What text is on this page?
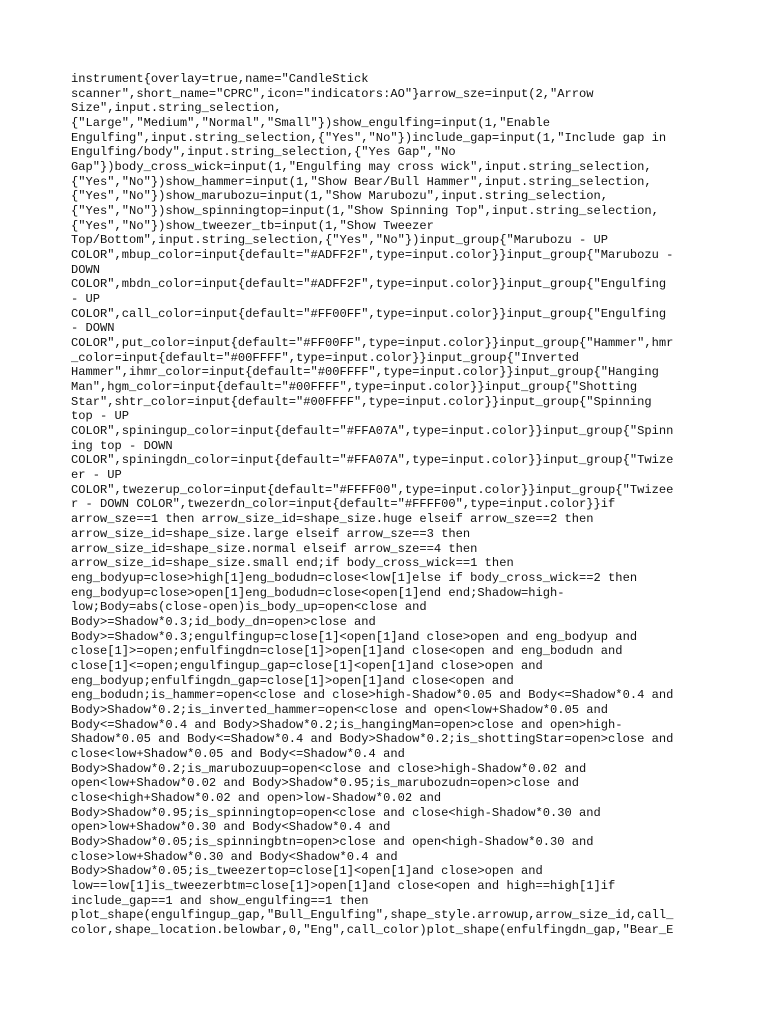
instrument{overlay=true,name="CandleStick
scanner",short_name="CPRC",icon="indicators:AO"}arrow_sze=input(2,"Arrow
Size",input.string_selection,
{"Large","Medium","Normal","Small"})show_engulfing=input(1,"Enable
Engulfing",input.string_selection,{"Yes","No"})include_gap=input(1,"Include gap in
Engulfing/body",input.string_selection,{"Yes Gap","No
Gap"})body_cross_wick=input(1,"Engulfing may cross wick",input.string_selection,
{"Yes","No"})show_hammer=input(1,"Show Bear/Bull Hammer",input.string_selection,
{"Yes","No"})show_marubozu=input(1,"Show Marubozu",input.string_selection,
{"Yes","No"})show_spinningtop=input(1,"Show Spinning Top",input.string_selection,
{"Yes","No"})show_tweezer_tb=input(1,"Show Tweezer
Top/Bottom",input.string_selection,{"Yes","No"})input_group{"Marubozu - UP
COLOR",mbup_color=input{default="#ADFF2F",type=input.color}}input_group{"Marubozu -
DOWN
COLOR",mbdn_color=input{default="#ADFF2F",type=input.color}}input_group{"Engulfing
- UP
COLOR",call_color=input{default="#FF00FF",type=input.color}}input_group{"Engulfing
- DOWN
COLOR",put_color=input{default="#FF00FF",type=input.color}}input_group{"Hammer",hmr
_color=input{default="#00FFFF",type=input.color}}input_group{"Inverted
Hammer",ihmr_color=input{default="#00FFFF",type=input.color}}input_group{"Hanging
Man",hgm_color=input{default="#00FFFF",type=input.color}}input_group{"Shotting
Star",shtr_color=input{default="#00FFFF",type=input.color}}input_group{"Spinning
top - UP
COLOR",spiningup_color=input{default="#FFA07A",type=input.color}}input_group{"Spinn
ing top - DOWN
COLOR",spiningdn_color=input{default="#FFA07A",type=input.color}}input_group{"Twize
er - UP
COLOR",twezerup_color=input{default="#FFFF00",type=input.color}}input_group{"Twizee
r - DOWN COLOR",twezerdn_color=input{default="#FFFF00",type=input.color}}if
arrow_sze==1 then arrow_size_id=shape_size.huge elseif arrow_sze==2 then
arrow_size_id=shape_size.large elseif arrow_sze==3 then
arrow_size_id=shape_size.normal elseif arrow_sze==4 then
arrow_size_id=shape_size.small end;if body_cross_wick==1 then
eng_bodyup=close>high[1]eng_bodudn=close<low[1]else if body_cross_wick==2 then
eng_bodyup=close>open[1]eng_bodudn=close<open[1]end end;Shadow=high-
low;Body=abs(close-open)is_body_up=open<close and
Body>=Shadow*0.3;id_body_dn=open>close and
Body>=Shadow*0.3;engulfingup=close[1]<open[1]and close>open and eng_bodyup and
close[1]>=open;enfulfingdn=close[1]>open[1]and close<open and eng_bodudn and
close[1]<=open;engulfingup_gap=close[1]<open[1]and close>open and
eng_bodyup;enfulfingdn_gap=close[1]>open[1]and close<open and
eng_bodudn;is_hammer=open<close and close>high-Shadow*0.05 and Body<=Shadow*0.4 and
Body>Shadow*0.2;is_inverted_hammer=open<close and open<low+Shadow*0.05 and
Body<=Shadow*0.4 and Body>Shadow*0.2;is_hangingMan=open>close and open>high-
Shadow*0.05 and Body<=Shadow*0.4 and Body>Shadow*0.2;is_shottingStar=open>close and
close<low+Shadow*0.05 and Body<=Shadow*0.4 and
Body>Shadow*0.2;is_marubozuup=open<close and close>high-Shadow*0.02 and
open<low+Shadow*0.02 and Body>Shadow*0.95;is_marubozudn=open>close and
close<high+Shadow*0.02 and open>low-Shadow*0.02 and
Body>Shadow*0.95;is_spinningtop=open<close and close<high-Shadow*0.30 and
open>low+Shadow*0.30 and Body<Shadow*0.4 and
Body>Shadow*0.05;is_spinningbtn=open>close and open<high-Shadow*0.30 and
close>low+Shadow*0.30 and Body<Shadow*0.4 and
Body>Shadow*0.05;is_tweezertop=close[1]<open[1]and close>open and
low==low[1]is_tweezerbtm=close[1]>open[1]and close<open and high==high[1]if
include_gap==1 and show_engulfing==1 then
plot_shape(engulfingup_gap,"Bull_Engulfing",shape_style.arrowup,arrow_size_id,call_
color,shape_location.belowbar,0,"Eng",call_color)plot_shape(enfulfingdn_gap,"Bear_E
